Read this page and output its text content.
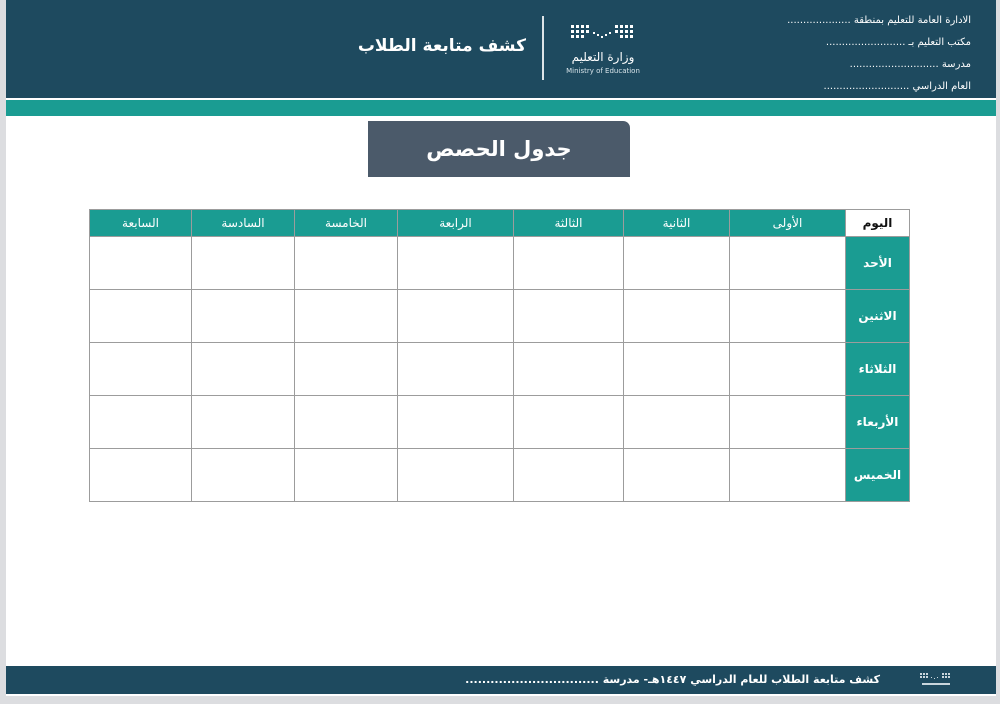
الادارة العامة للتعليم بمنطقة ....................
مكتب التعليم بـ .........................
مدرسة ............................
العام الدراسي ...........................
وزارة التعليم
Ministry of Education
كشف متابعة الطلاب
جدول الحصص
اليوم	الأولى	الثانية	الثالثة	الرابعة	الخامسة	السادسة	السابعة
الأحد							
الاثنين							
الثلاثاء							
الأربعاء							
الخميس							
كشف متابعة الطلاب للعام الدراسي ١٤٤٧هـ- مدرسة ................................
